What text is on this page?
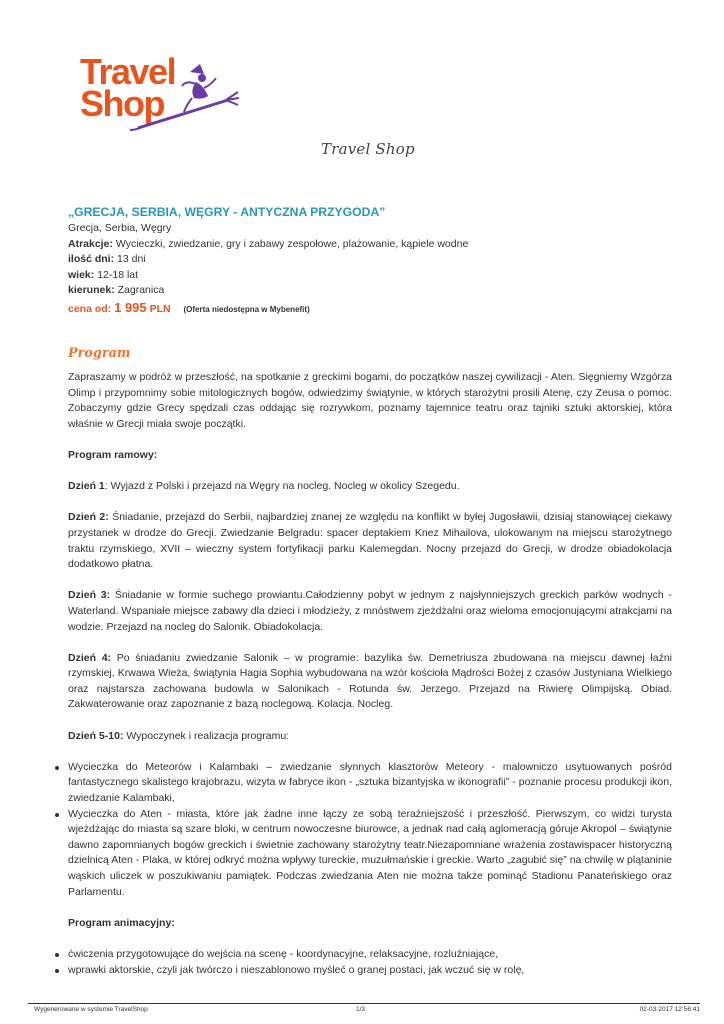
Travel
Shop
Travel Shop
„GRECJA, SERBIA, WĘGRY - ANTYCZNA PRZYGODA”
Grecja, Serbia, Węgry
Atrakcje: Wycieczki, zwiedzanie, gry i zabawy zespołowe, plażowanie, kąpiele wodne
ilość dni: 13 dni
wiek: 12-18 lat
kierunek: Zagranica
cena od: 1 995 PLN (Oferta niedostępna w Mybenefit)
Program

Zapraszamy w podróż w przeszłość, na spotkanie z greckimi bogami, do początków naszej cywilizacji - Aten. Sięgniemy Wzgórza Olimp i przypomnimy sobie mitologicznych bogów, odwiedzimy świątynie, w których starożytni prosili Atenę, czy Zeusa o pomoc. Zobaczymy gdzie Grecy spędzali czas oddając się rozrywkom, poznamy tajemnice teatru oraz tajniki sztuki aktorskiej, która właśnie w Grecji miała swoje początki.

Program ramowy:

Dzień 1: Wyjazd z Polski i przejazd na Węgry na nocleg. Nocleg w okolicy Szegedu.

Dzień 2: Śniadanie, przejazd do Serbii, najbardziej znanej ze względu na konflikt w byłej Jugosławii, dzisiaj stanowiącej ciekawy przystanek w drodze do Grecji. Zwiedzanie Belgradu: spacer deptakiem Knez Mihailova, ulokowanym na miejscu starożytnego traktu rzymskiego, XVII – wieczny system fortyfikacji parku Kalemegdan. Nocny przejazd do Grecji, w drodze obiadokolacja dodatkowo płatna.

Dzień 3: Śniadanie w formie suchego prowiantu.Całodzienny pobyt w jednym z najsłynniejszych greckich parków wodnych - Waterland. Wspaniałe miejsce zabawy dla dzieci i młodzieży, z mnóstwem zjeżdżalni oraz wieloma emocjonującymi atrakcjami na wodzie. Przejazd na nocleg do Salonik. Obiadokolacja.

Dzień 4: Po śniadaniu zwiedzanie Salonik – w programie: bazylika św. Demetriusza zbudowana na miejscu dawnej łaźni rzymskiej, Krwawa Wieża, świątynia Hagia Sophia wybudowana na wzór kościoła Mądrości Bożej z czasów Justyniana Wielkiego oraz najstarsza zachowana budowla w Salonikach - Rotunda św. Jerzego. Przejazd na Riwierę Olimpijską. Obiad. Zakwaterowanie oraz zapoznanie z bazą noclegową. Kolacja. Nocleg.

Dzień 5-10: Wypoczynek i realizacja programu:

Wycieczka do Meteorów i Kalambaki – zwiedzanie słynnych klasztorów Meteory - malowniczo usytuowanych pośród fantastycznego skalistego krajobrazu, wizyta w fabryce ikon - „sztuka bizantyjska w ikonografii” - poznanie procesu produkcji ikon, zwiedzanie Kalambaki,
Wycieczka do Aten - miasta, które jak żadne inne łączy ze sobą teraźniejszość i przeszłość. Pierwszym, co widzi turysta wjeżdżając do miasta są szare bloki, w centrum nowoczesne biurowce, a jednak nad całą aglomeracją góruje Akropol – świątynie dawno zapomnianych bogów greckich i świetnie zachowany starożytny teatr.Niezapomniane wrażenia zostawispacer historyczną dzielnicą Aten - Plaka, w której odkryć można wpływy tureckie, muzułmańskie i greckie. Warto „zagubić się” na chwilę w plątaninie wąskich uliczek w poszukiwaniu pamiątek. Podczas zwiedzania Aten nie można także pominąć Stadionu Panateńskiego oraz Parlamentu.

Program animacyjny:

ćwiczenia przygotowujące do wejścia na scenę - koordynacyjne, relaksacyjne, rozluźniające,
wprawki aktorskie, czyli jak twórczo i nieszablonowo myśleć o granej postaci, jak wczuć się w rolę,
Wygenerowane w systemie TravelShop	1/3	02-03-2017 12:56:41
